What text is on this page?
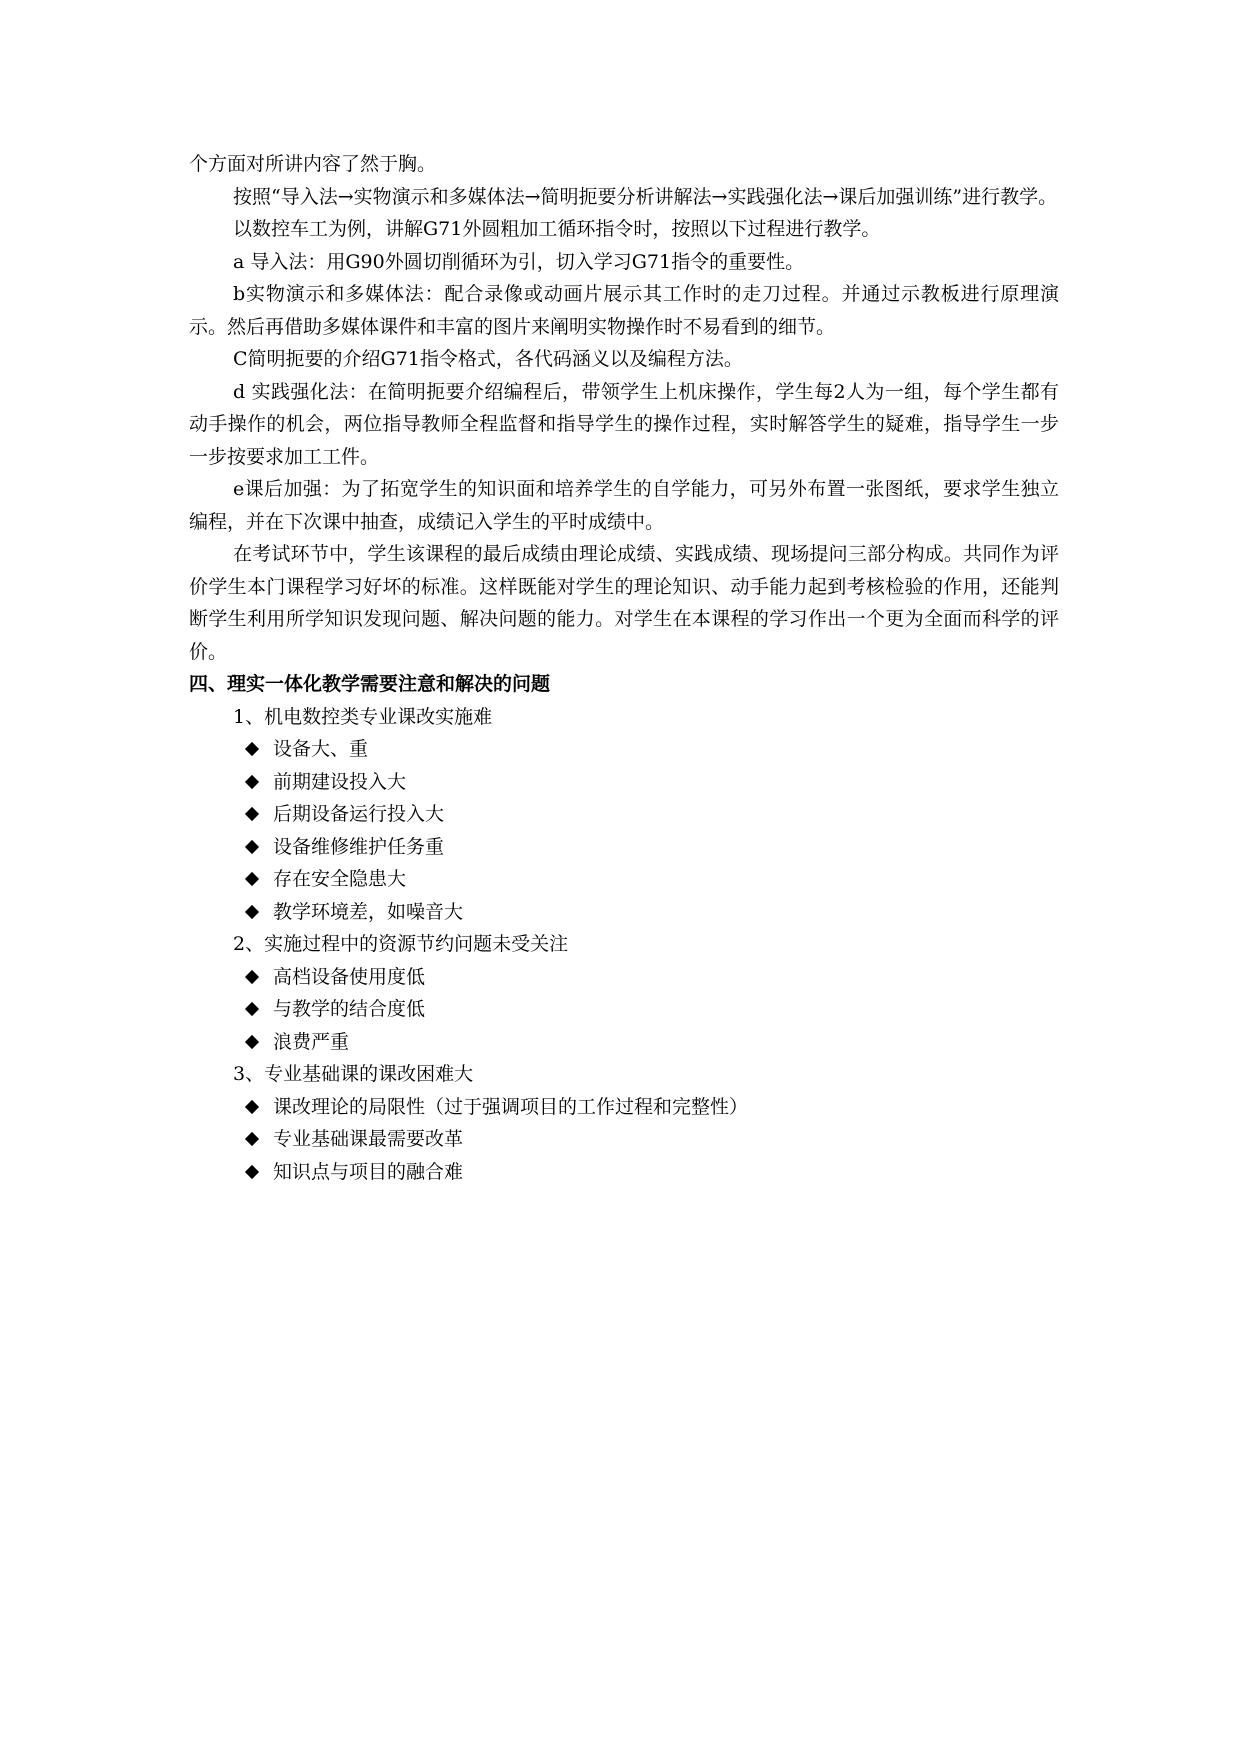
个方面对所讲内容了然于胸。

按照“导入法→实物演示和多媒体法→简明扼要分析讲解法→实践强化法→课后加强训练”进行教学。

以数控车工为例，讲解G71外圆粗加工循环指令时，按照以下过程进行教学。

a 导入法：用G90外圆切削循环为引，切入学习G71指令的重要性。

b实物演示和多媒体法：配合录像或动画片展示其工作时的走刀过程。并通过示教板进行原理演示。然后再借助多媒体课件和丰富的图片来阐明实物操作时不易看到的细节。

C简明扼要的介绍G71指令格式，各代码涵义以及编程方法。

d 实践强化法：在简明扼要介绍编程后，带领学生上机床操作，学生每2人为一组，每个学生都有动手操作的机会，两位指导教师全程监督和指导学生的操作过程，实时解答学生的疑难，指导学生一步一步按要求加工工件。

e课后加强：为了拓宽学生的知识面和培养学生的自学能力，可另外布置一张图纸，要求学生独立编程，并在下次课中抽查，成绩记入学生的平时成绩中。

在考试环节中，学生该课程的最后成绩由理论成绩、实践成绩、现场提问三部分构成。共同作为评价学生本门课程学习好坏的标准。这样既能对学生的理论知识、动手能力起到考核检验的作用，还能判断学生利用所学知识发现问题、解决问题的能力。对学生在本课程的学习作出一个更为全面而科学的评价。

四、理实一体化教学需要注意和解决的问题

1、机电数控类专业课改实施难

设备大、重

前期建设投入大

后期设备运行投入大

设备维修维护任务重

存在安全隐患大

教学环境差，如噪音大

2、实施过程中的资源节约问题未受关注

高档设备使用度低

与教学的结合度低

浪费严重

3、专业基础课的课改困难大

课改理论的局限性（过于强调项目的工作过程和完整性）

专业基础课最需要改革

知识点与项目的融合难
